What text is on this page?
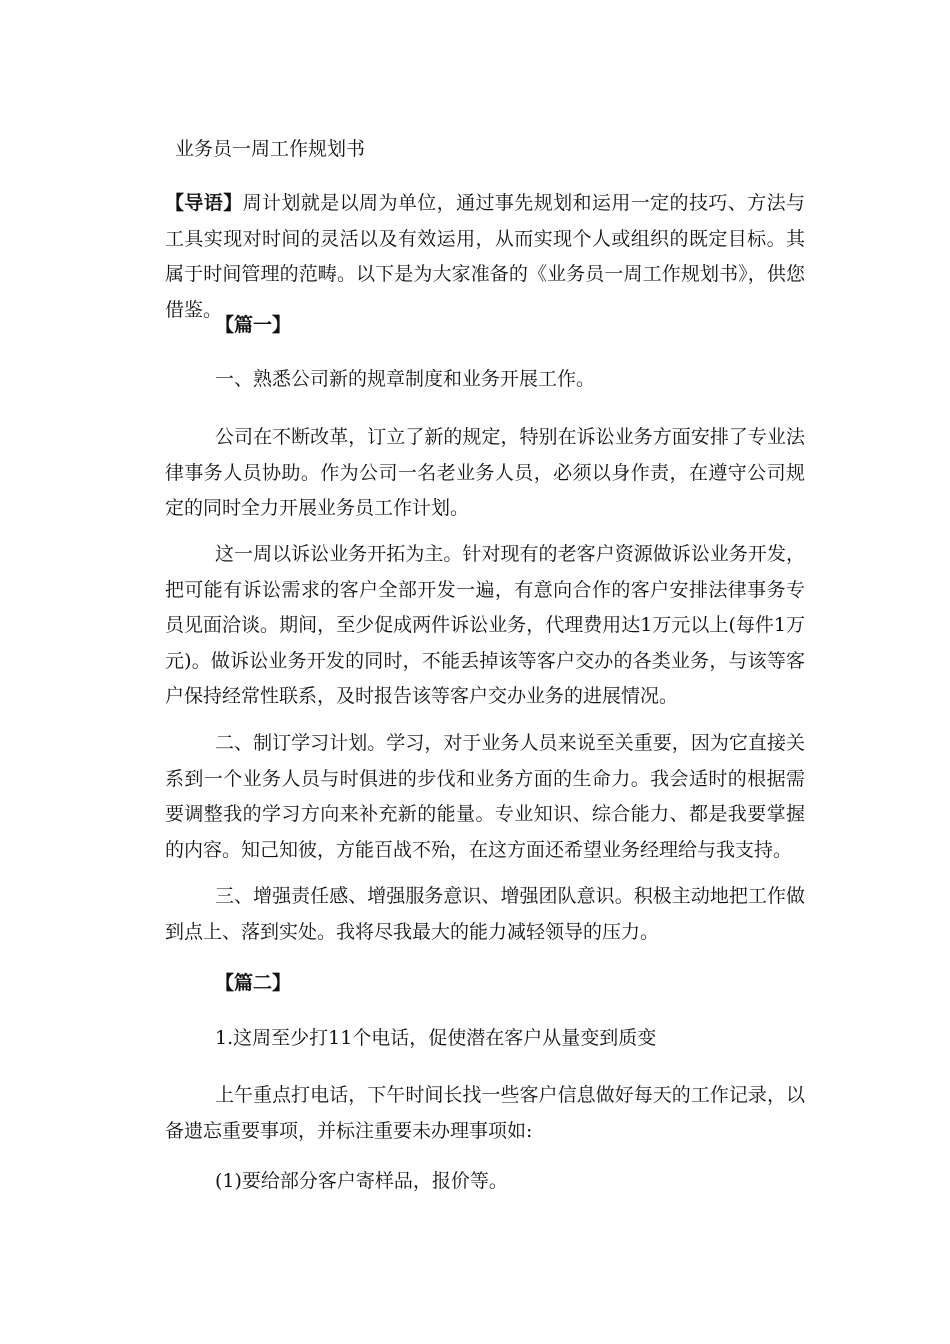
业务员一周工作规划书

【导语】周计划就是以周为单位，通过事先规划和运用一定的技巧、方法与工具实现对时间的灵活以及有效运用，从而实现个人或组织的既定目标。其属于时间管理的范畴。以下是为大家准备的《业务员一周工作规划书》，供您借鉴。

【篇一】
一、熟悉公司新的规章制度和业务开展工作。

公司在不断改革，订立了新的规定，特别在诉讼业务方面安排了专业法律事务人员协助。作为公司一名老业务人员，必须以身作责，在遵守公司规定的同时全力开展业务员工作计划。

这一周以诉讼业务开拓为主。针对现有的老客户资源做诉讼业务开发，把可能有诉讼需求的客户全部开发一遍，有意向合作的客户安排法律事务专员见面洽谈。期间，至少促成两件诉讼业务，代理费用达1万元以上(每件1万元)。做诉讼业务开发的同时，不能丢掉该等客户交办的各类业务，与该等客户保持经常性联系，及时报告该等客户交办业务的进展情况。

二、制订学习计划。学习，对于业务人员来说至关重要，因为它直接关系到一个业务人员与时俱进的步伐和业务方面的生命力。我会适时的根据需要调整我的学习方向来补充新的能量。专业知识、综合能力、都是我要掌握的内容。知己知彼，方能百战不殆，在这方面还希望业务经理给与我支持。

三、增强责任感、增强服务意识、增强团队意识。积极主动地把工作做到点上、落到实处。我将尽我最大的能力减轻领导的压力。

【篇二】
1.这周至少打11个电话，促使潜在客户从量变到质变

上午重点打电话，下午时间长找一些客户信息做好每天的工作记录，以备遗忘重要事项，并标注重要未办理事项如:

(1)要给部分客户寄样品，报价等。
